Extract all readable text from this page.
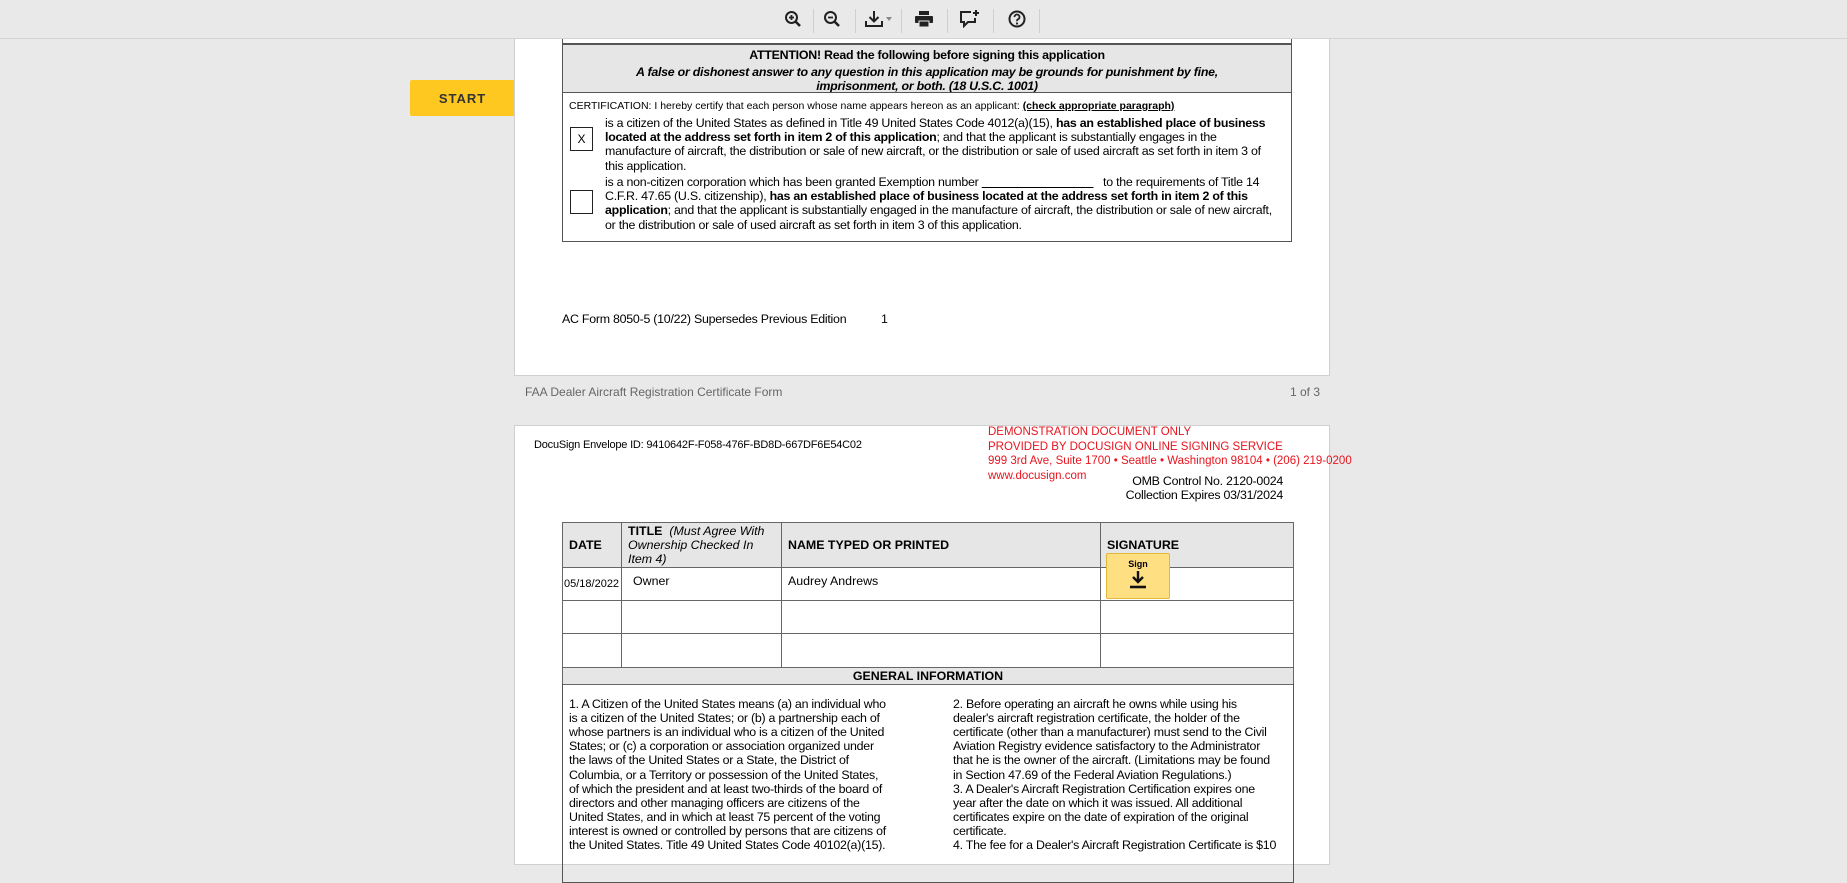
START
ATTENTION! Read the following before signing this application
A false or dishonest answer to any question in this application may be grounds for punishment by fine,
imprisonment, or both. (18 U.S.C. 1001)
CERTIFICATION: I hereby certify that each person whose name appears hereon as an applicant: (check appropriate paragraph)
X
is a citizen of the United States as defined in Title 49 United States Code 4012(a)(15), has an established place of business
located at the address set forth in item 2 of this application; and that the applicant is substantially engages in the
manufacture of aircraft, the distribution or sale of new aircraft, or the distribution or sale of used aircraft as set forth in item 3 of
this application.
is a non-citizen corporation which has been granted Exemption number	to the requirements of Title 14
C.F.R. 47.65 (U.S. citizenship), has an established place of business located at the address set forth in item 2 of this
application; and that the applicant is substantially engaged in the manufacture of aircraft, the distribution or sale of new aircraft,
or the distribution or sale of used aircraft as set forth in item 3 of this application.
AC Form 8050-5 (10/22) Supersedes Previous Edition	1
FAA Dealer Aircraft Registration Certificate Form	1 of 3
DocuSign Envelope ID: 9410642F-F058-476F-BD8D-667DF6E54C02
DEMONSTRATION DOCUMENT ONLY
PROVIDED BY DOCUSIGN ONLINE SIGNING SERVICE
999 3rd Ave, Suite 1700 • Seattle • Washington 98104 • (206) 219-0200
www.docusign.com	OMB Control No. 2120-0024
Collection Expires 03/31/2024
DATE	TITLE (Must Agree With Ownership Checked In Item 4)	NAME TYPED OR PRINTED	SIGNATURE
05/18/2022	Owner	Audrey Andrews	

GENERAL INFORMATION			
Sign
1. A Citizen of the United States means (a) an individual who
is a citizen of the United States; or (b) a partnership each of
whose partners is an individual who is a citizen of the United
States; or (c) a corporation or association organized under
the laws of the United States or a State, the District of
Columbia, or a Territory or possession of the United States,
of which the president and at least two-thirds of the board of
directors and other managing officers are citizens of the
United States, and in which at least 75 percent of the voting
interest is owned or controlled by persons that are citizens of
the United States. Title 49 United States Code 40102(a)(15).
2. Before operating an aircraft he owns while using his
dealer's aircraft registration certificate, the holder of the
certificate (other than a manufacturer) must send to the Civil
Aviation Registry evidence satisfactory to the Administrator
that he is the owner of the aircraft. (Limitations may be found
in Section 47.69 of the Federal Aviation Regulations.)
3. A Dealer's Aircraft Registration Certification expires one
year after the date on which it was issued. All additional
certificates expire on the date of expiration of the original
certificate.
4. The fee for a Dealer's Aircraft Registration Certificate is $10
